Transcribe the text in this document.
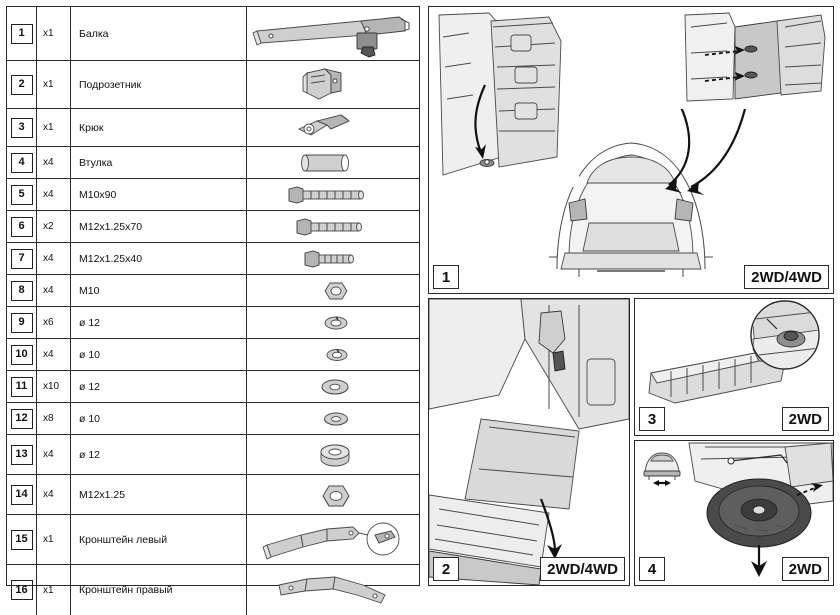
1	x1	Балка
2	x1	Подрозетник
3	x1	Крюк
4	x4	Втулка
5	x4	M10x90
6	x2	M12x1.25x70
7	x4	M12x1.25x40
8	x4	M10
9	x6	ø 12
10	x4	ø 10
11	x10	ø 12
12	x8	ø 10
13	x4	ø 12
14	x4	M12x1.25
15	x1	Кронштейн левый
16	x1	Кронштейн правый
1	2WD/4WD
2	2WD/4WD
3	2WD
4	2WD
